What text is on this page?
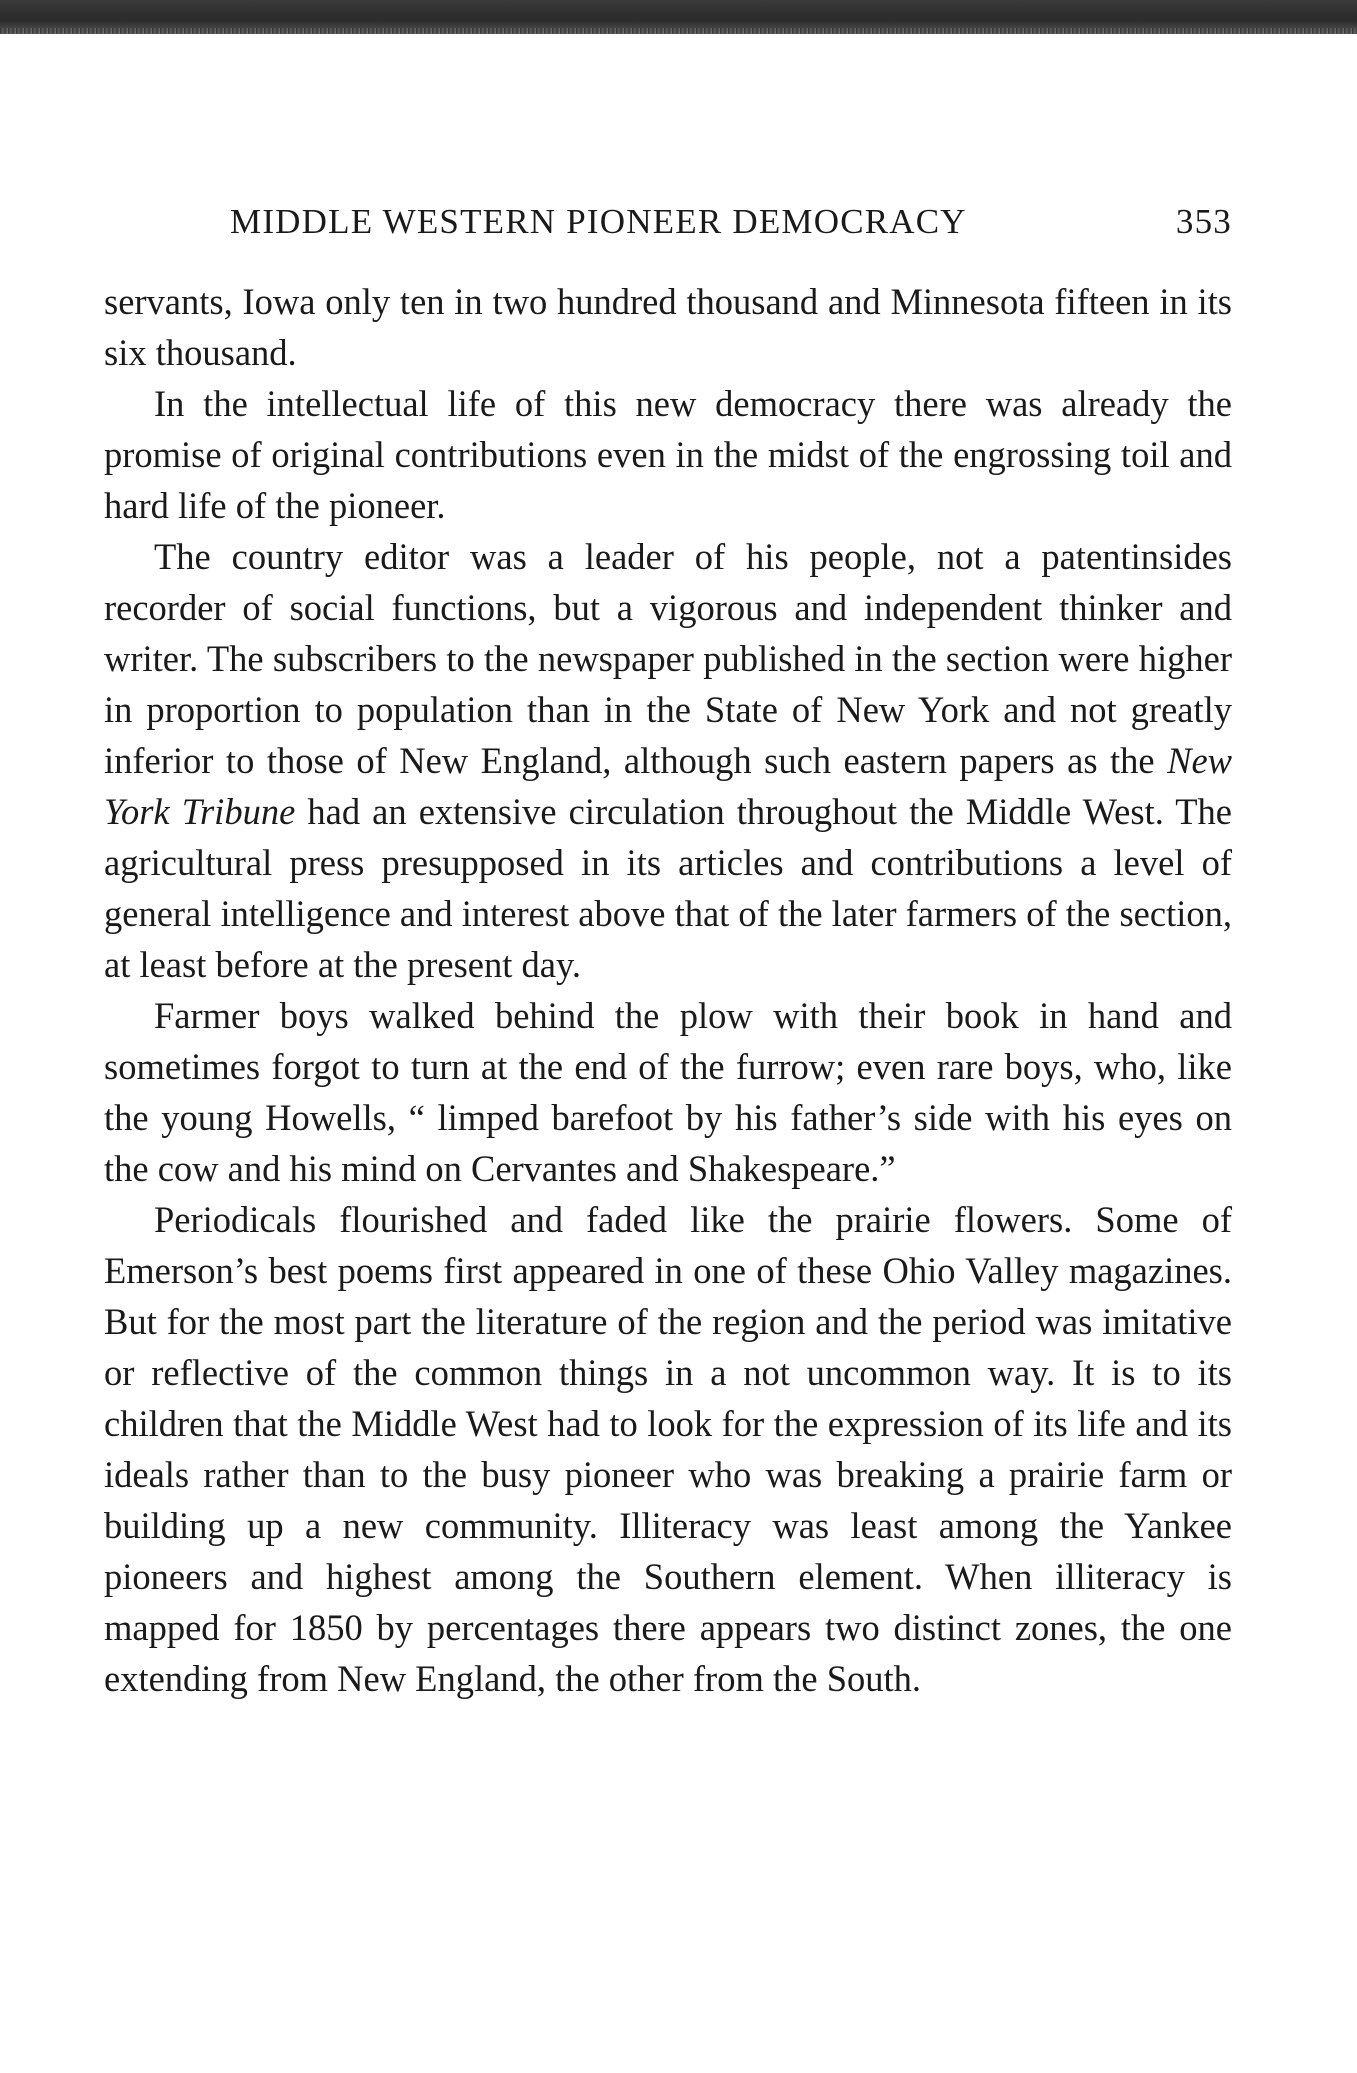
MIDDLE WESTERN PIONEER DEMOCRACY	353

servants, Iowa only ten in two hundred thousand and Minnesota fifteen in its six thousand.

In the intellectual life of this new democracy there was already the promise of original contributions even in the midst of the engrossing toil and hard life of the pioneer.

The country editor was a leader of his people, not a patentinsides recorder of social functions, but a vigorous and independent thinker and writer. The subscribers to the newspaper published in the section were higher in proportion to population than in the State of New York and not greatly inferior to those of New England, although such eastern papers as the New York Tribune had an extensive circulation throughout the Middle West. The agricultural press presupposed in its articles and contributions a level of general intelligence and interest above that of the later farmers of the section, at least before at the present day.

Farmer boys walked behind the plow with their book in hand and sometimes forgot to turn at the end of the furrow; even rare boys, who, like the young Howells, “ limped barefoot by his father’s side with his eyes on the cow and his mind on Cervantes and Shakespeare.”

Periodicals flourished and faded like the prairie flowers. Some of Emerson’s best poems first appeared in one of these Ohio Valley magazines. But for the most part the literature of the region and the period was imitative or reflective of the common things in a not uncommon way. It is to its children that the Middle West had to look for the expression of its life and its ideals rather than to the busy pioneer who was breaking a prairie farm or building up a new community. Illiteracy was least among the Yankee pioneers and highest among the Southern element. When illiteracy is mapped for 1850 by percentages there appears two distinct zones, the one extending from New England, the other from the South.
